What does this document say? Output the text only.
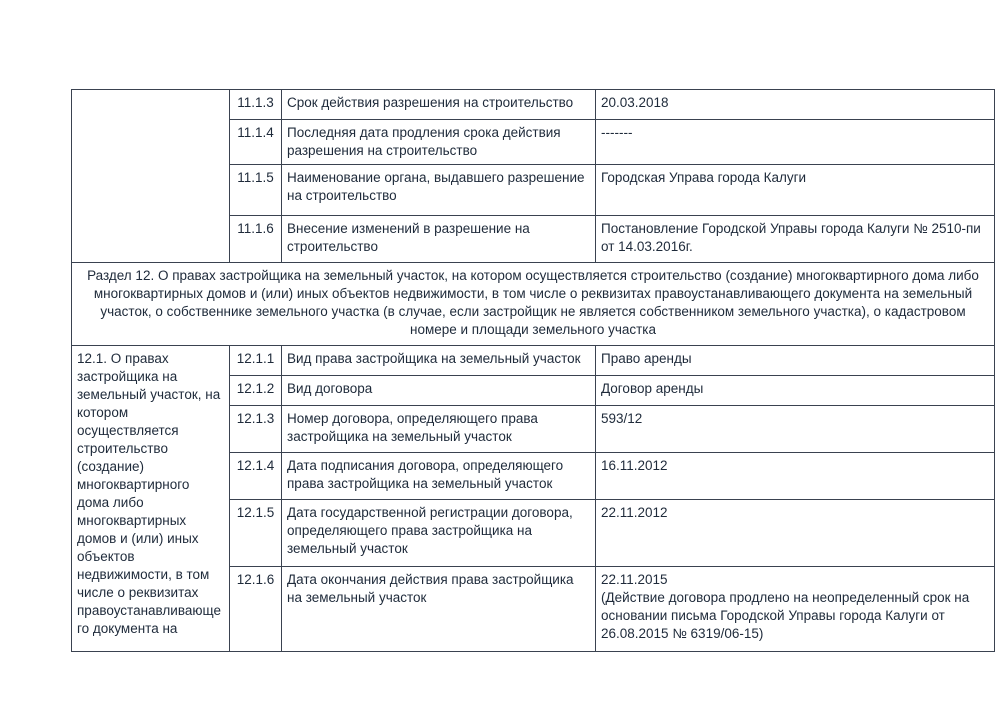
	11.1.3	Срок действия разрешения на строительство	20.03.2018
	11.1.4	Последняя дата продления срока действия разрешения на строительство	-------
	11.1.5	Наименование органа, выдавшего разрешение на строительство	Городская Управа города Калуги
	11.1.6	Внесение изменений в разрешение на строительство	Постановление Городской Управы города Калуги № 2510-пи от 14.03.2016г.
Раздел 12. О правах застройщика на земельный участок, на котором осуществляется строительство (создание) многоквартирного дома либо многоквартирных домов и (или) иных объектов недвижимости, в том числе о реквизитах правоустанавливающего документа на земельный участок, о собственнике земельного участка (в случае, если застройщик не является собственником земельного участка), о кадастровом номере и площади земельного участка			
12.1. О правах застройщика на земельный участок, на котором осуществляется строительство (создание) многоквартирного дома либо многоквартирных домов и (или) иных объектов недвижимости, в том числе о реквизитах правоустанавливающего документа на	12.1.1	Вид права застройщика на земельный участок	Право аренды
	12.1.2	Вид договора	Договор аренды
	12.1.3	Номер договора, определяющего права застройщика на земельный участок	593/12
	12.1.4	Дата подписания договора, определяющего права застройщика на земельный участок	16.11.2012
	12.1.5	Дата государственной регистрации договора, определяющего права застройщика на земельный участок	22.11.2012
	12.1.6	Дата окончания действия права застройщика на земельный участок	22.11.2015
(Действие договора продлено на неопределенный срок на основании письма Городской Управы города Калуги от 26.08.2015 № 6319/06-15)
